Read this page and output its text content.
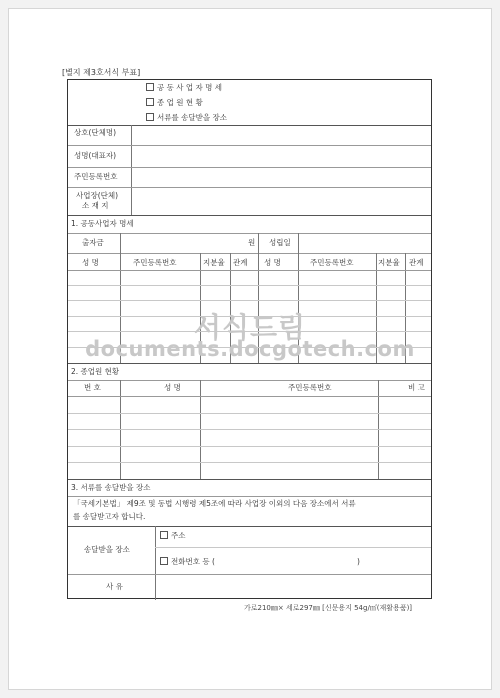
[별지 제3호서식 부표]
공 동 사 업 자 명 세
종 업 원 현 황
서류를 송달받을 장소
상호(단체명)
성명(대표자)
주민등록번호
사업장(단체)
소 재 지
1. 공동사업자 명세
출자금	원 성립일
성 명	주민등록번호	지분율 관계 성 명	주민등록번호	지분율 관계
2. 종업원 현황
번 호	성 명	주민등록번호	비 고
3. 서류를 송달받을 장소
「국세기본법」 제9조 및 동법 시행령 제5조에 따라 사업장 이외의 다음 장소에서 서류
를 송달받고자 합니다.
송달받을 장소
주소
전화번호 등 (	)
사 유
가로210㎜× 세로297㎜ [신문용지 54g/㎡(재활용품)]
서식드림
documents.docgotech.com
